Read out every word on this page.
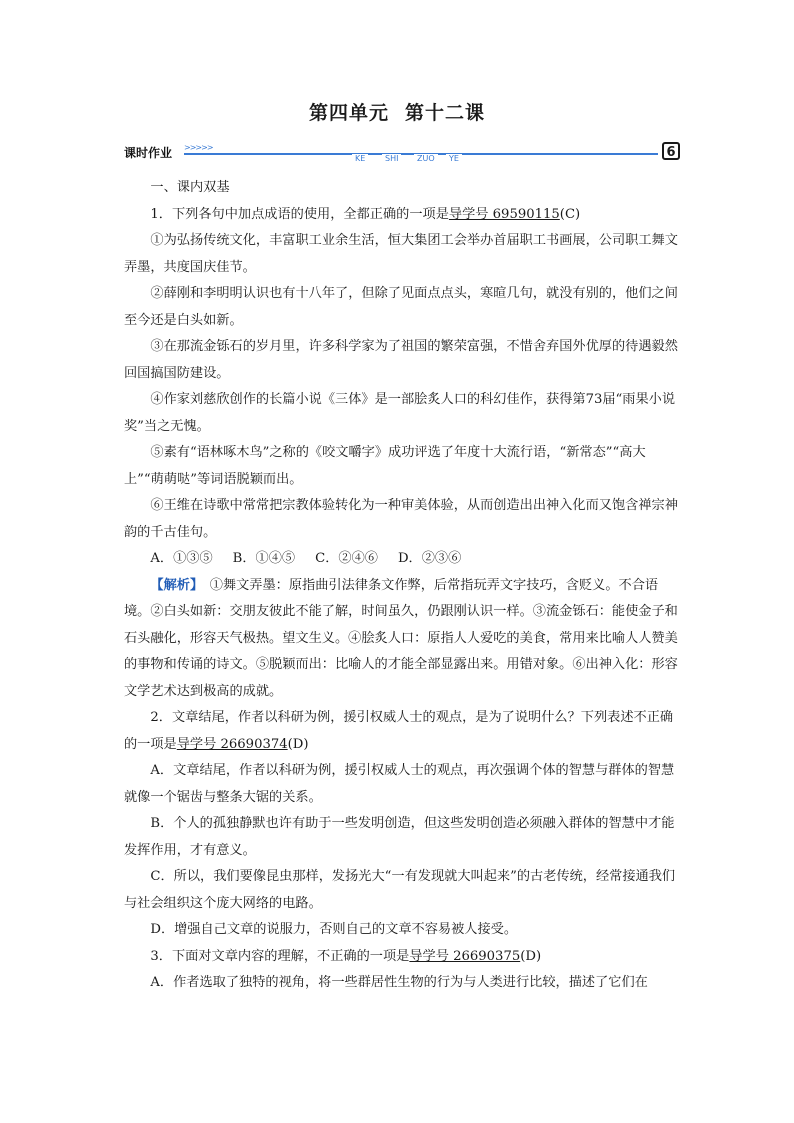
第四单元 第十二课
课时作业 >>>>>
KE	SHI	ZUO	YE	6

一、课内双基

1．下列各句中加点成语的使用，全都正确的一项是导学号 69590115(C)

①为弘扬传统文化，丰富职工业余生活，恒大集团工会举办首届职工书画展，公司职工舞文弄墨，共度国庆佳节。

②薛刚和李明明认识也有十八年了，但除了见面点点头，寒暄几句，就没有别的，他们之间至今还是白头如新。

③在那流金铄石的岁月里，许多科学家为了祖国的繁荣富强，不惜舍弃国外优厚的待遇毅然回国搞国防建设。

④作家刘慈欣创作的长篇小说《三体》是一部脍炙人口的科幻佳作，获得第73届“雨果小说奖”当之无愧。

⑤素有“语林啄木鸟”之称的《咬文嚼字》成功评选了年度十大流行语，“新常态”“高大上”“萌萌哒”等词语脱颖而出。

⑥王维在诗歌中常常把宗教体验转化为一种审美体验，从而创造出出神入化而又饱含禅宗神韵的千古佳句。

A．①③⑤ B．①④⑤ C．②④⑥ D．②③⑥

【解析】　 ①舞文弄墨：原指曲引法律条文作弊，后常指玩弄文字技巧，含贬义。不合语境。②白头如新：交朋友彼此不能了解，时间虽久，仍跟刚认识一样。③流金铄石：能使金子和石头融化，形容天气极热。望文生义。④脍炙人口：原指人人爱吃的美食，常用来比喻人人赞美的事物和传诵的诗文。⑤脱颖而出：比喻人的才能全部显露出来。用错对象。⑥出神入化：形容文学艺术达到极高的成就。

2．文章结尾，作者以科研为例，援引权威人士的观点，是为了说明什么？下列表述不正确的一项是导学号 26690374(D)

A．文章结尾，作者以科研为例，援引权威人士的观点，再次强调个体的智慧与群体的智慧就像一个锯齿与整条大锯的关系。

B．个人的孤独静默也许有助于一些发明创造，但这些发明创造必须融入群体的智慧中才能发挥作用，才有意义。

C．所以，我们要像昆虫那样，发扬光大“一有发现就大叫起来”的古老传统，经常接通我们与社会组织这个庞大网络的电路。

D．增强自己文章的说服力，否则自己的文章不容易被人接受。

3．下面对文章内容的理解，不正确的一项是导学号 26690375(D)

A．作者选取了独特的视角，将一些群居性生物的行为与人类进行比较，描述了它们在
